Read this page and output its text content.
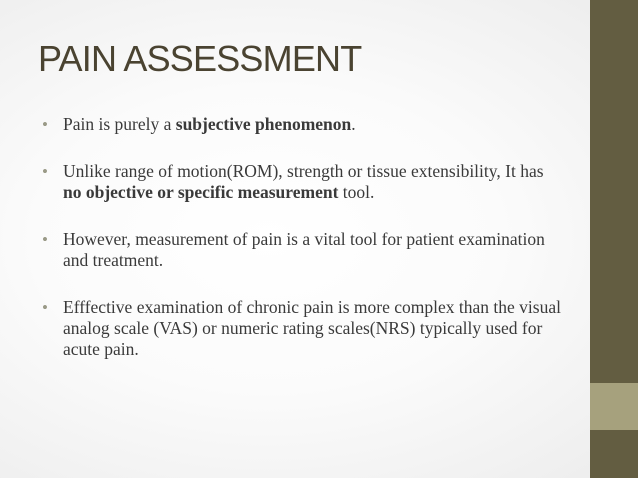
PAIN ASSESSMENT
• Pain is purely a subjective phenomenon.
• Unlike range of motion(ROM), strength or tissue extensibility, It has no objective or specific measurement tool.
• However, measurement of pain is a vital tool for patient examination and treatment.
• Efffective examination of chronic pain is more complex than the visual analog scale (VAS) or numeric rating scales(NRS) typically used for acute pain.
